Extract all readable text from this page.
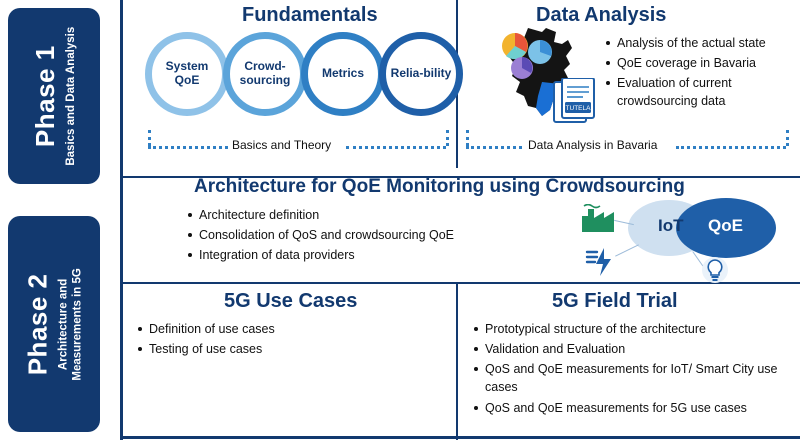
Phase 1 Basics and Data Analysis
Phase 2 Architecture and Measurements in 5G
Fundamentals
System QoE
Crowd-sourcing	Metrics Relia-bility
Basics and Theory
Data Analysis
Analysis of the actual state
QoE coverage in Bavaria
Evaluation of current crowdsourcing data
TUTELA
Data Analysis in Bavaria
Architecture for QoE Monitoring using Crowdsourcing
Architecture definition
Consolidation of QoS and crowdsourcing QoE
Integration of data providers
IoT QoE
5G Use Cases
Definition of use cases
Testing of use cases
5G Field Trial
Prototypical structure of the architecture
Validation and Evaluation
QoS and QoE measurements for IoT/ Smart City use cases
QoS and QoE measurements for 5G use cases
